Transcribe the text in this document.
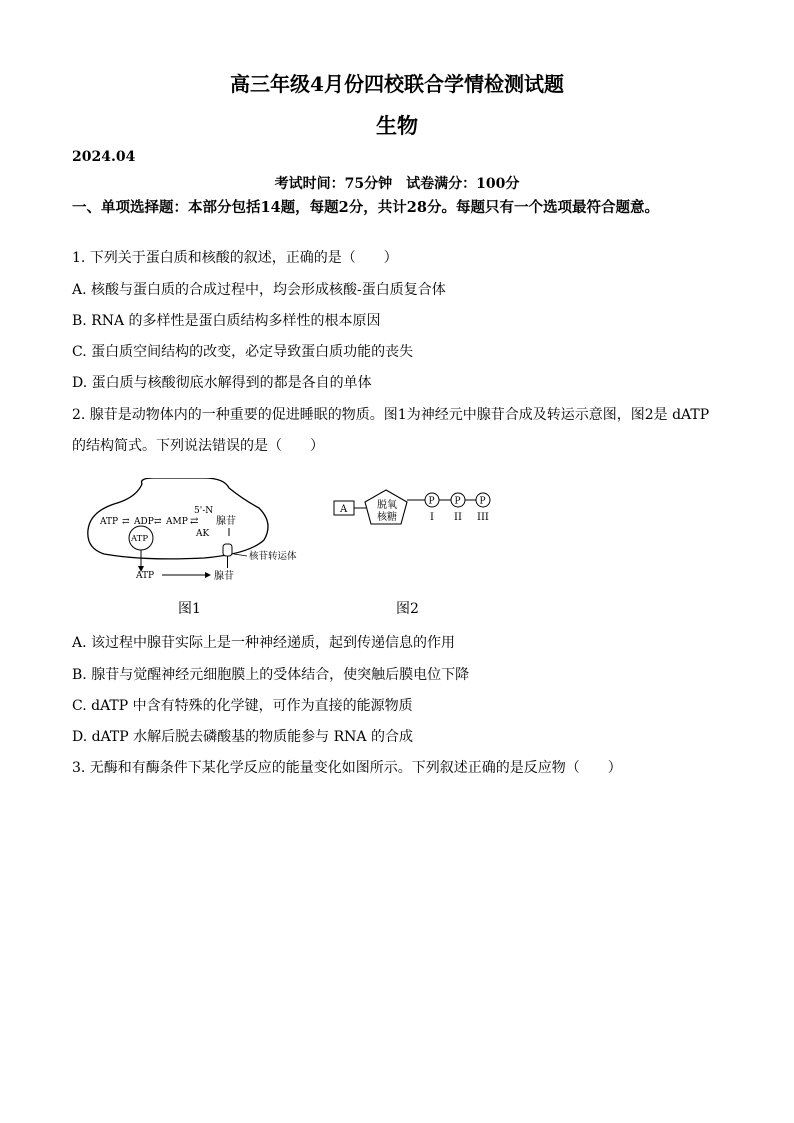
高三年级4月份四校联合学情检测试题
生物
2024.04
考试时间：75分钟　试卷满分：100分
一、单项选择题：本部分包括14题，每题2分，共计28分。每题只有一个选项最符合题意。
1. 下列关于蛋白质和核酸的叙述，正确的是（　　）
A. 核酸与蛋白质的合成过程中，均会形成核酸-蛋白质复合体
B. RNA 的多样性是蛋白质结构多样性的根本原因
C. 蛋白质空间结构的改变，必定导致蛋白质功能的丧失
D. 蛋白质与核酸彻底水解得到的都是各自的单体
2. 腺苷是动物体内的一种重要的促进睡眠的物质。图1为神经元中腺苷合成及转运示意图，图2是 dATP
的结构简式。下列说法错误的是（　　）
ATP ⇄ ADP ⇄ AMP
5'-N
⇄ 腺苷
AK
ATP
核苷转运体
ATP	腺苷
图1
A	脱氧
核糖
P P P
I II III
图2
A. 该过程中腺苷实际上是一种神经递质，起到传递信息的作用
B. 腺苷与觉醒神经元细胞膜上的受体结合，使突触后膜电位下降
C. dATP 中含有特殊的化学键，可作为直接的能源物质
D. dATP 水解后脱去磷酸基的物质能参与 RNA 的合成
3. 无酶和有酶条件下某化学反应的能量变化如图所示。下列叙述正确的是反应物（　　）
